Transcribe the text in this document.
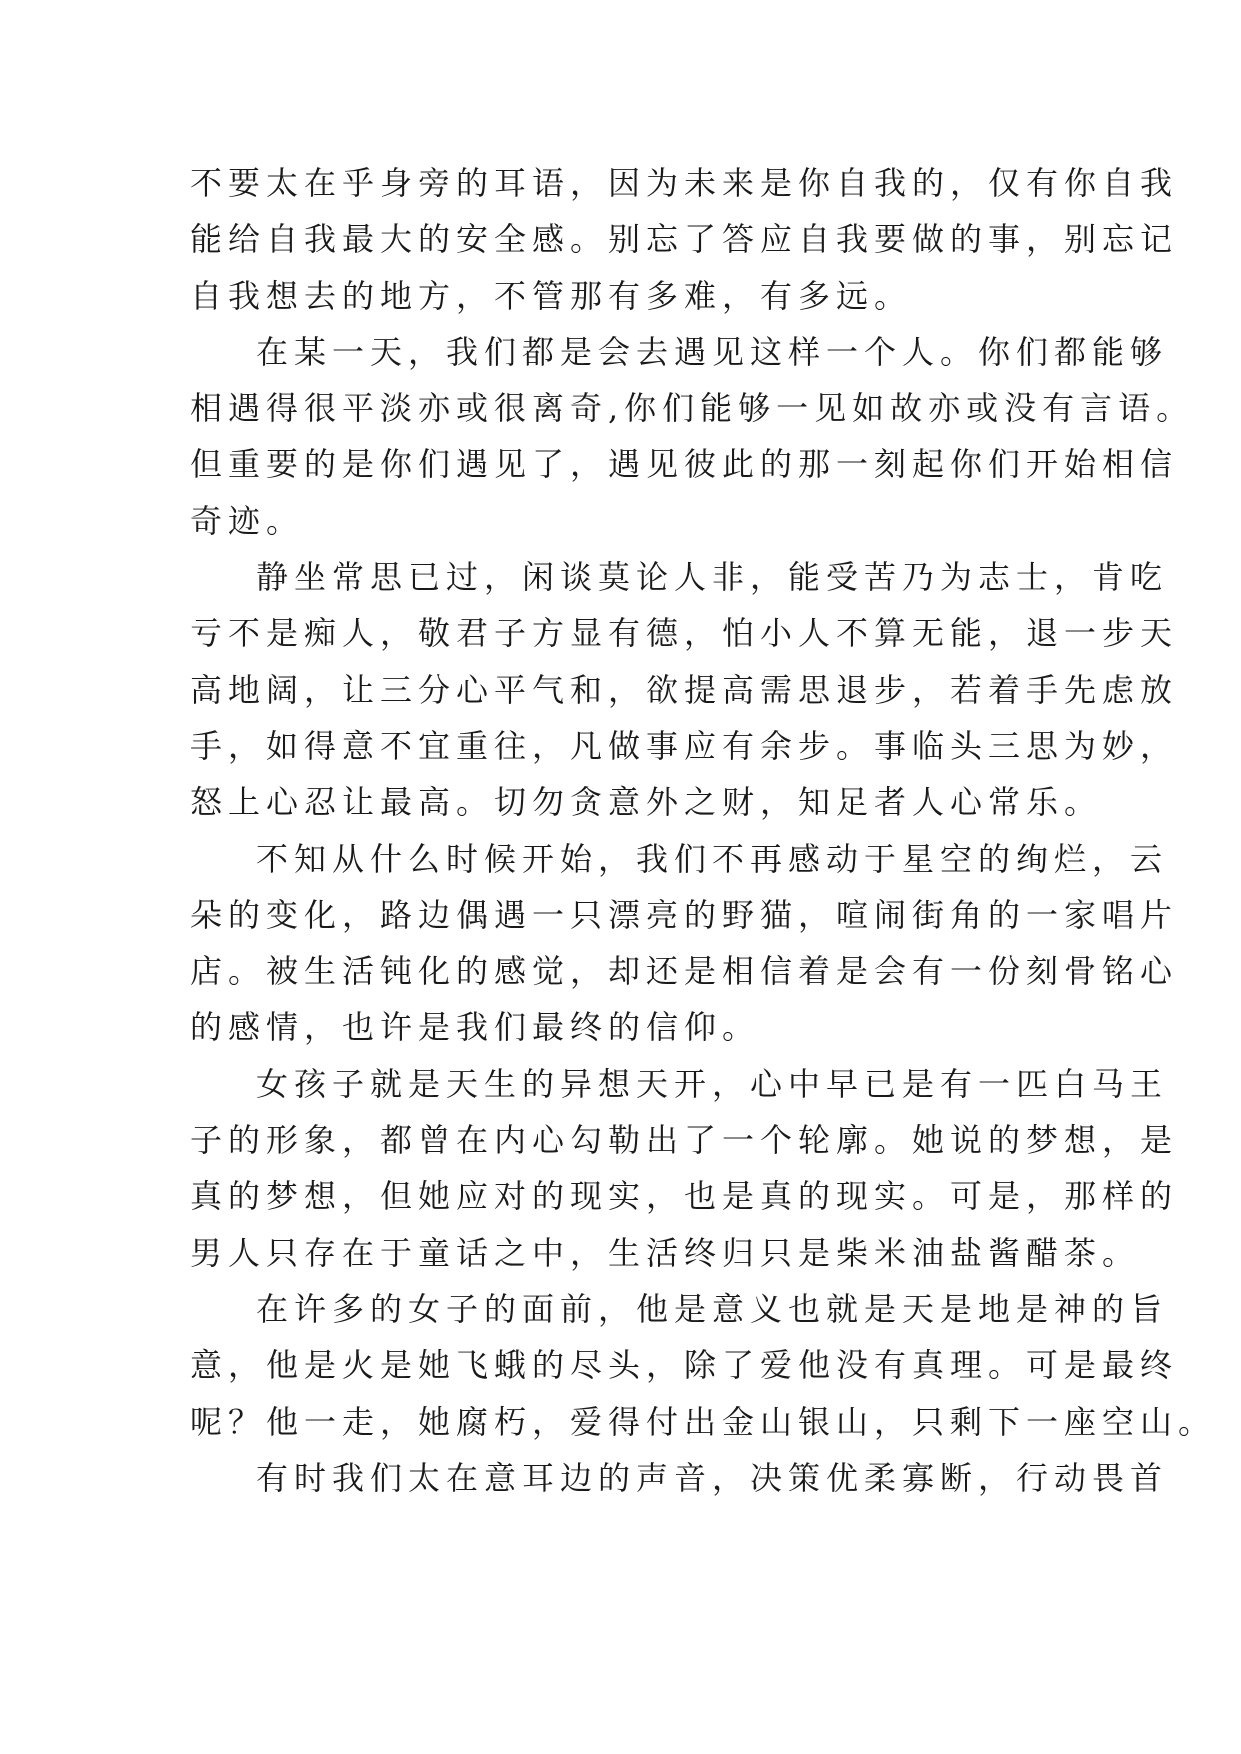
不要太在乎身旁的耳语，因为未来是你自我的，仅有你自我
能给自我最大的安全感。别忘了答应自我要做的事，别忘记
自我想去的地方，不管那有多难，有多远。
在某一天，我们都是会去遇见这样一个人。你们都能够
相遇得很平淡亦或很离奇,你们能够一见如故亦或没有言语。
但重要的是你们遇见了，遇见彼此的那一刻起你们开始相信
奇迹。
静坐常思已过，闲谈莫论人非，能受苦乃为志士，肯吃
亏不是痴人，敬君子方显有德，怕小人不算无能，退一步天
高地阔，让三分心平气和，欲提高需思退步，若着手先虑放
手，如得意不宜重往，凡做事应有余步。事临头三思为妙，
怒上心忍让最高。切勿贪意外之财，知足者人心常乐。
不知从什么时候开始，我们不再感动于星空的绚烂，云
朵的变化，路边偶遇一只漂亮的野猫，喧闹街角的一家唱片
店。被生活钝化的感觉，却还是相信着是会有一份刻骨铭心
的感情，也许是我们最终的信仰。
女孩子就是天生的异想天开，心中早已是有一匹白马王
子的形象，都曾在内心勾勒出了一个轮廓。她说的梦想，是
真的梦想，但她应对的现实，也是真的现实。可是，那样的
男人只存在于童话之中，生活终归只是柴米油盐酱醋茶。
在许多的女子的面前，他是意义也就是天是地是神的旨
意，他是火是她飞蛾的尽头，除了爱他没有真理。可是最终
呢？他一走，她腐朽，爱得付出金山银山，只剩下一座空山。
有时我们太在意耳边的声音，决策优柔寡断，行动畏首
